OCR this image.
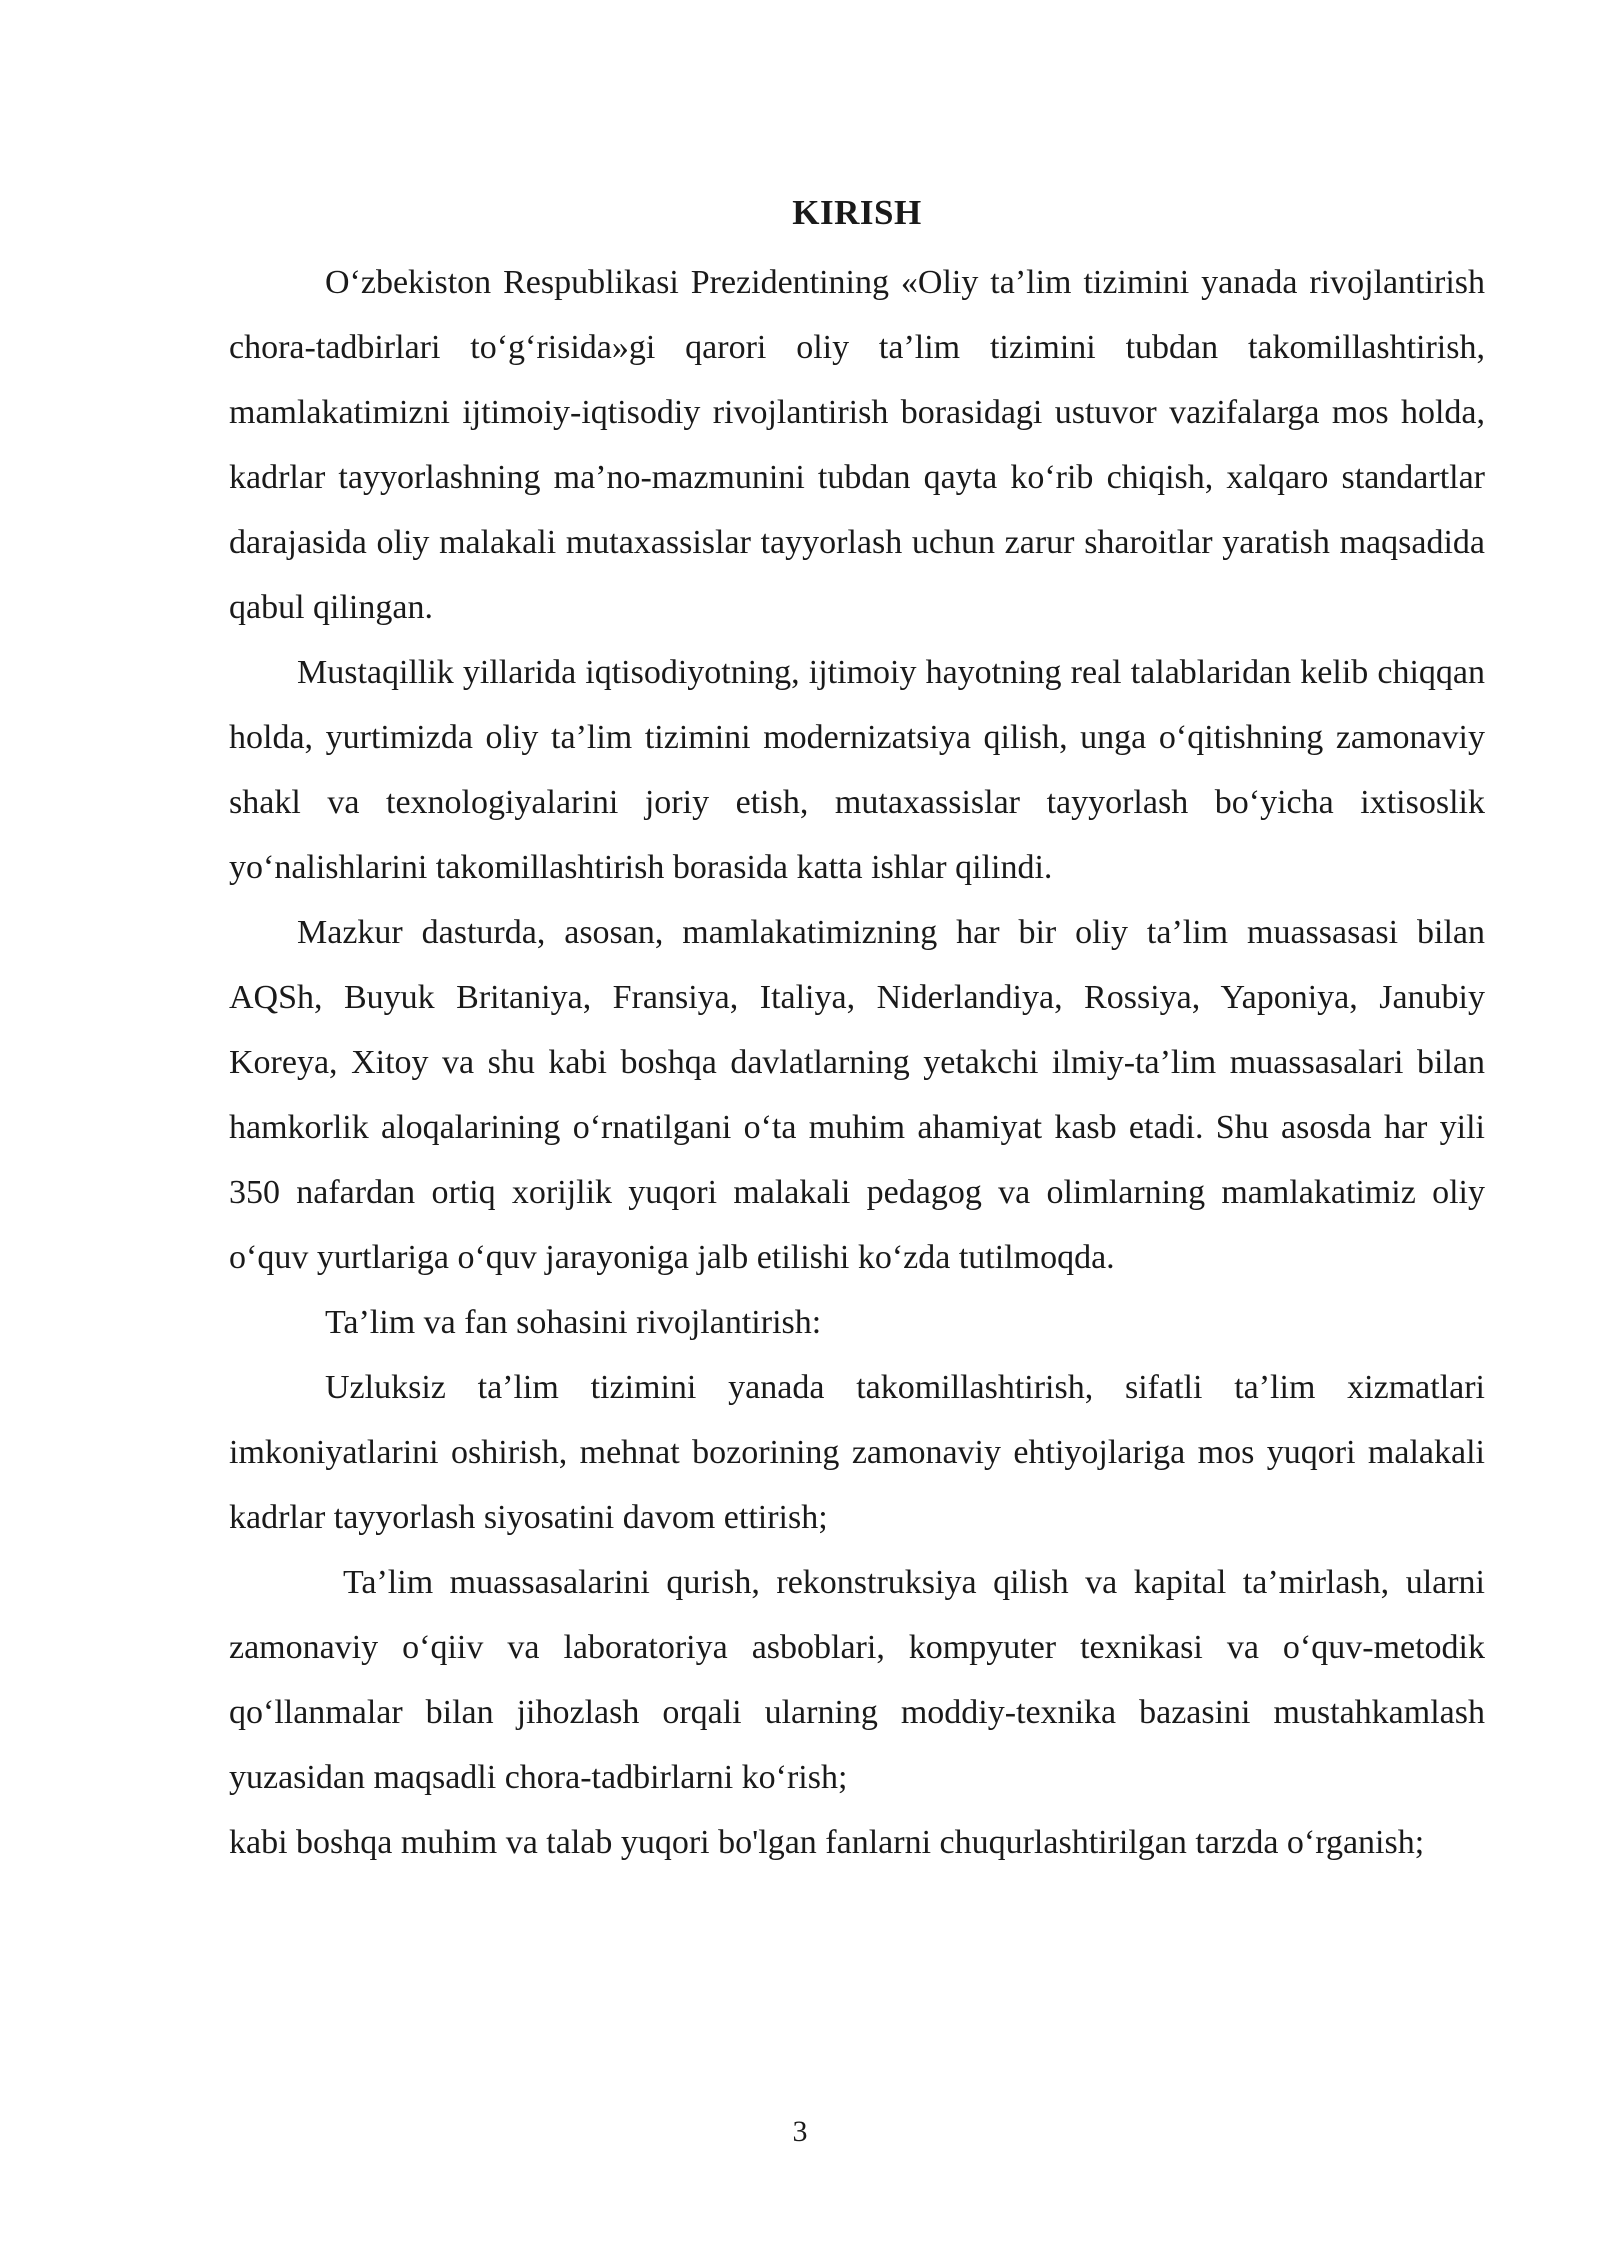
KIRISH

O‘zbekiston Respublikasi Prezidentining «Oliy ta’lim tizimini yanada rivojlantirish chora-tadbirlari to‘g‘risida»gi qarori oliy ta’lim tizimini tubdan takomillashtirish, mamlakatimizni ijtimoiy-iqtisodiy rivojlantirish borasidagi ustuvor vazifalarga mos holda, kadrlar tayyorlashning ma’no-mazmunini tubdan qayta ko‘rib chiqish, xalqaro standartlar darajasida oliy malakali mutaxassislar tayyorlash uchun zarur sharoitlar yaratish maqsadida qabul qilingan.

Mustaqillik yillarida iqtisodiyotning, ijtimoiy hayotning real talablaridan kelib chiqqan holda, yurtimizda oliy ta’lim tizimini modernizatsiya qilish, unga o‘qitishning zamonaviy shakl va texnologiyalarini joriy etish, mutaxassislar tayyorlash bo‘yicha ixtisoslik yo‘nalishlarini takomillashtirish borasida katta ishlar qilindi.

Mazkur dasturda, asosan, mamlakatimizning har bir oliy ta’lim muassasasi bilan AQSh, Buyuk Britaniya, Fransiya, Italiya, Niderlandiya, Rossiya, Yaponiya, Janubiy Koreya, Xitoy va shu kabi boshqa davlatlarning yetakchi ilmiy-ta’lim muassasalari bilan hamkorlik aloqalarining o‘rnatilgani o‘ta muhim ahamiyat kasb etadi. Shu asosda har yili 350 nafardan ortiq xorijlik yuqori malakali pedagog va olimlarning mamlakatimiz oliy o‘quv yurtlariga o‘quv jarayoniga jalb etilishi ko‘zda tutilmoqda.

Ta’lim va fan sohasini rivojlantirish:

Uzluksiz ta’lim tizimini yanada takomillashtirish, sifatli ta’lim xizmatlari imkoniyatlarini oshirish, mehnat bozorining zamonaviy ehtiyojlariga mos yuqori malakali kadrlar tayyorlash siyosatini davom ettirish;

Ta’lim muassasalarini qurish, rekonstruksiya qilish va kapital ta’mirlash, ularni zamonaviy o‘qiiv va laboratoriya asboblari, kompyuter texnikasi va o‘quv-metodik qo‘llanmalar bilan jihozlash orqali ularning moddiy-texnika bazasini mustahkamlash yuzasidan maqsadli chora-tadbirlarni ko‘rish;

kabi boshqa muhim va talab yuqori bo'lgan fanlarni chuqurlashtirilgan tarzda o‘rganish;

3
